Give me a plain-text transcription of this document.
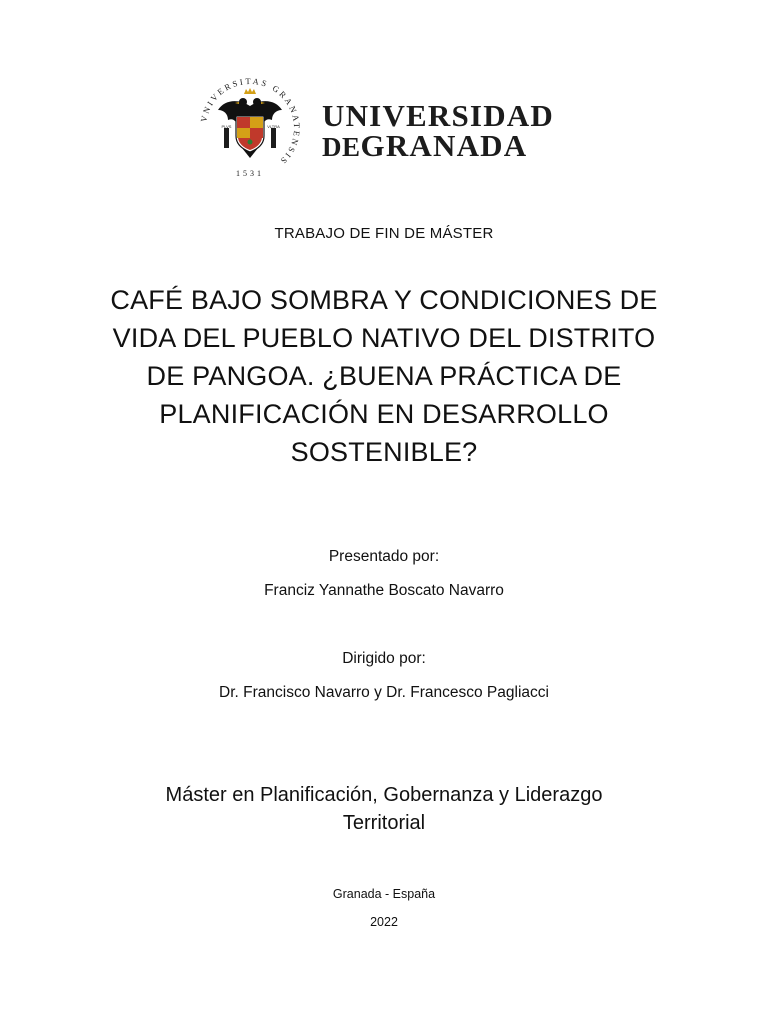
VNIVERSITAS GRANATENSIS
1531
PLVS	VLTRA UNIVERSIDAD
DEGRANADA
TRABAJO DE FIN DE MÁSTER
CAFÉ BAJO SOMBRA Y CONDICIONES DE
VIDA DEL PUEBLO NATIVO DEL DISTRITO
DE PANGOA. ¿BUENA PRÁCTICA DE
PLANIFICACIÓN EN DESARROLLO
SOSTENIBLE?
Presentado por:
Franciz Yannathe Boscato Navarro
Dirigido por:
Dr. Francisco Navarro y Dr. Francesco Pagliacci
Máster en Planificación, Gobernanza y Liderazgo
Territorial
Granada - España
2022
